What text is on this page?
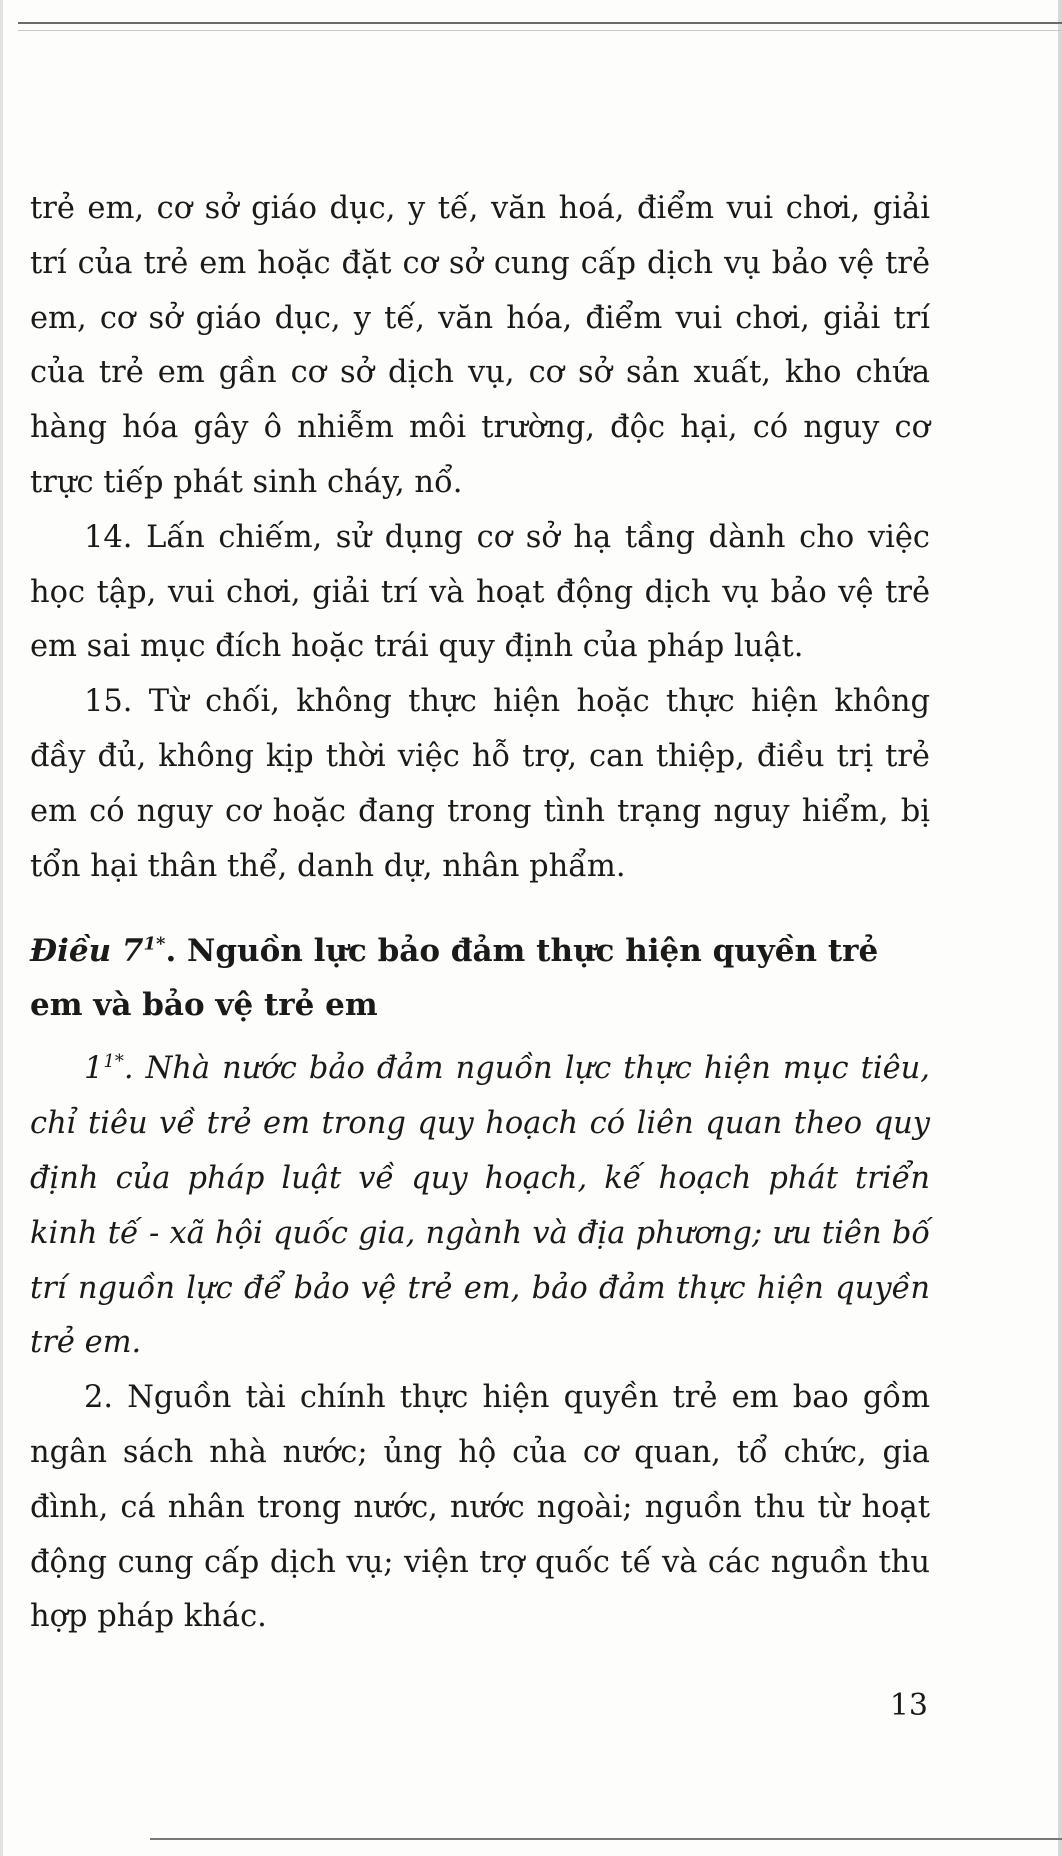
trẻ em, cơ sở giáo dục, y tế, văn hoá, điểm vui chơi, giải trí của trẻ em hoặc đặt cơ sở cung cấp dịch vụ bảo vệ trẻ em, cơ sở giáo dục, y tế, văn hóa, điểm vui chơi, giải trí của trẻ em gần cơ sở dịch vụ, cơ sở sản xuất, kho chứa hàng hóa gây ô nhiễm môi trường, độc hại, có nguy cơ trực tiếp phát sinh cháy, nổ.

14. Lấn chiếm, sử dụng cơ sở hạ tầng dành cho việc học tập, vui chơi, giải trí và hoạt động dịch vụ bảo vệ trẻ em sai mục đích hoặc trái quy định của pháp luật.

15. Từ chối, không thực hiện hoặc thực hiện không đầy đủ, không kịp thời việc hỗ trợ, can thiệp, điều trị trẻ em có nguy cơ hoặc đang trong tình trạng nguy hiểm, bị tổn hại thân thể, danh dự, nhân phẩm.

Điều $7^{1*}$. Nguồn lực bảo đảm thực hiện quyền trẻ em và bảo vệ trẻ em

$1^{1*}$. Nhà nước bảo đảm nguồn lực thực hiện mục tiêu, chỉ tiêu về trẻ em trong quy hoạch có liên quan theo quy định của pháp luật về quy hoạch, kế hoạch phát triển kinh tế - xã hội quốc gia, ngành và địa phương; ưu tiên bố trí nguồn lực để bảo vệ trẻ em, bảo đảm thực hiện quyền trẻ em.

2. Nguồn tài chính thực hiện quyền trẻ em bao gồm ngân sách nhà nước; ủng hộ của cơ quan, tổ chức, gia đình, cá nhân trong nước, nước ngoài; nguồn thu từ hoạt động cung cấp dịch vụ; viện trợ quốc tế và các nguồn thu hợp pháp khác.

13
